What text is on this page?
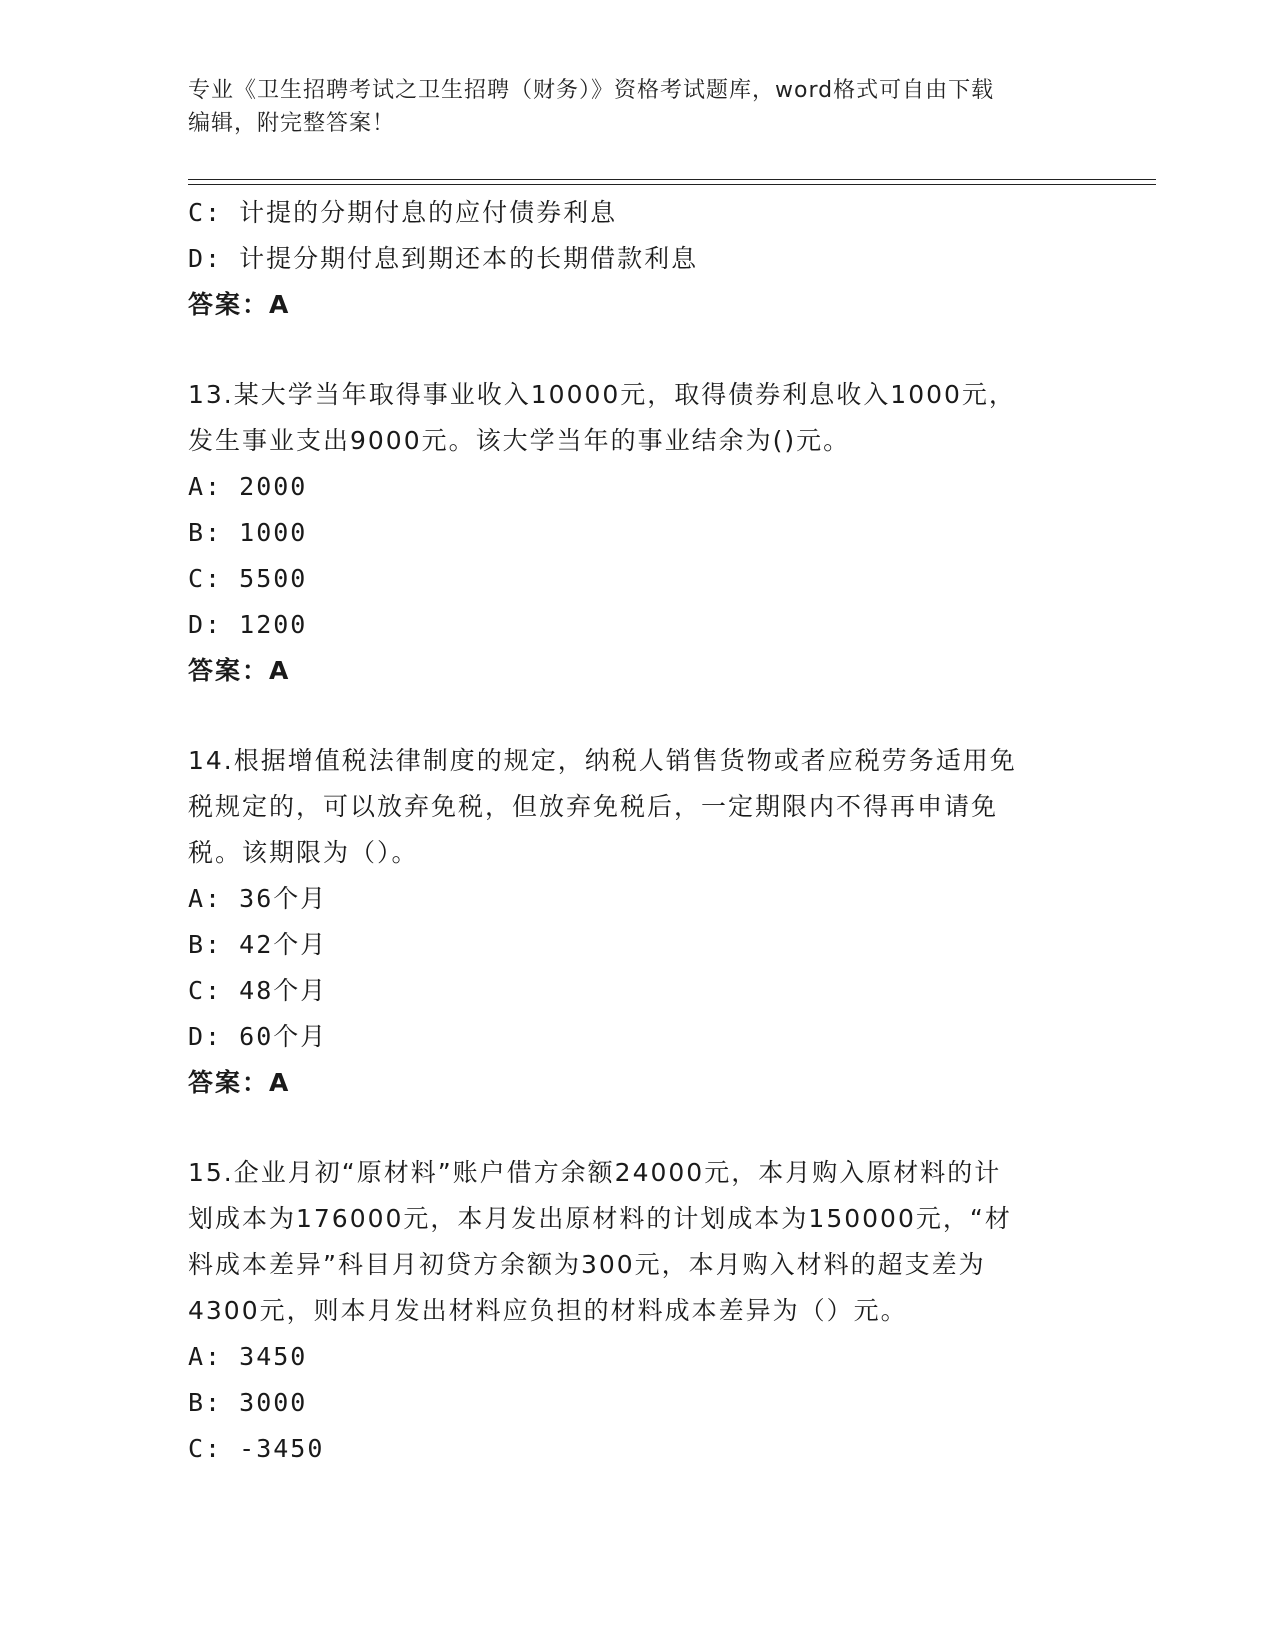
专业《卫生招聘考试之卫生招聘（财务）》资格考试题库，word格式可自由下载
编辑，附完整答案！
C: 计提的分期付息的应付债券利息
D: 计提分期付息到期还本的长期借款利息
答案：A
13.某大学当年取得事业收入10000元，取得债券利息收入1000元，
发生事业支出9000元。该大学当年的事业结余为()元。
A: 2000
B: 1000
C: 5500
D: 1200
答案：A
14.根据增值税法律制度的规定，纳税人销售货物或者应税劳务适用免
税规定的，可以放弃免税，但放弃免税后，一定期限内不得再申请免
税。该期限为（）。
A: 36个月
B: 42个月
C: 48个月
D: 60个月
答案：A
15.企业月初“原材料”账户借方余额24000元，本月购入原材料的计
划成本为176000元，本月发出原材料的计划成本为150000元，“材
料成本差异”科目月初贷方余额为300元，本月购入材料的超支差为
4300元，则本月发出材料应负担的材料成本差异为（）元。
A: 3450
B: 3000
C: -3450
